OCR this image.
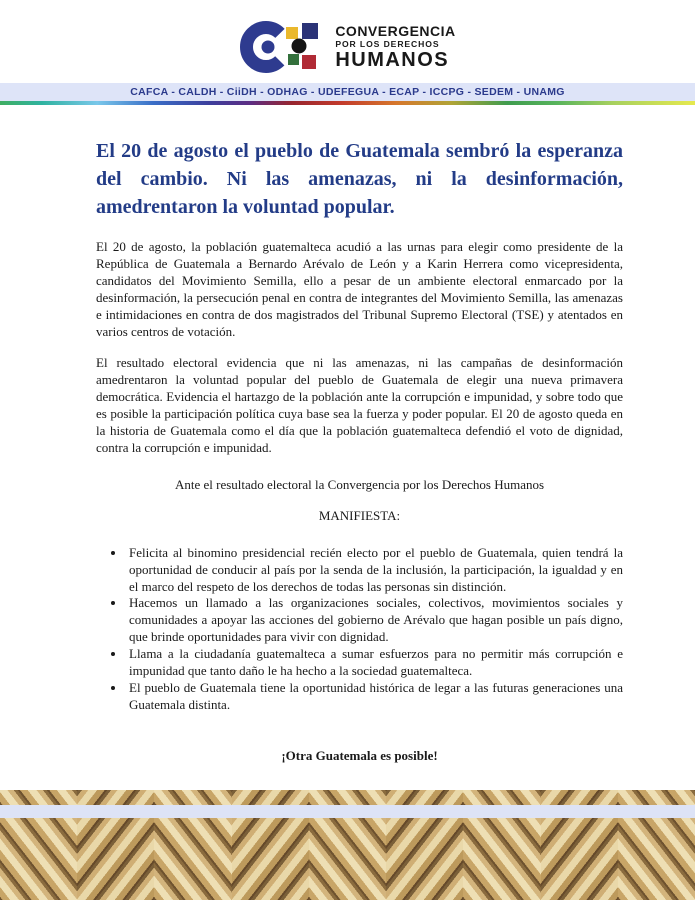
CONVERGENCIA
POR LOS DERECHOS
HUMANOS
CAFCA - CALDH - CiiDH - ODHAG - UDEFEGUA - ECAP - ICCPG - SEDEM - UNAMG
El 20 de agosto el pueblo de Guatemala sembró la esperanza del cambio. Ni las amenazas, ni la desinformación, amedrentaron la voluntad popular.

El 20 de agosto, la población guatemalteca acudió a las urnas para elegir como presidente de la República de Guatemala a Bernardo Arévalo de León y a Karin Herrera como vicepresidenta, candidatos del Movimiento Semilla, ello a pesar de un ambiente electoral enmarcado por la desinformación, la persecución penal en contra de integrantes del Movimiento Semilla, las amenazas e intimidaciones en contra de dos magistrados del Tribunal Supremo Electoral (TSE) y atentados en varios centros de votación.

El resultado electoral evidencia que ni las amenazas, ni las campañas de desinformación amedrentaron la voluntad popular del pueblo de Guatemala de elegir una nueva primavera democrática. Evidencia el hartazgo de la población ante la corrupción e impunidad, y sobre todo que es posible la participación política cuya base sea la fuerza y poder popular. El 20 de agosto queda en la historia de Guatemala como el día que la población guatemalteca defendió el voto de dignidad, contra la corrupción e impunidad.

Ante el resultado electoral la Convergencia por los Derechos Humanos

MANIFIESTA:

• Felicita al binomino presidencial recién electo por el pueblo de Guatemala, quien tendrá la oportunidad de conducir al país por la senda de la inclusión, la participación, la igualdad y en el marco del respeto de los derechos de todas las personas sin distinción.
• Hacemos un llamado a las organizaciones sociales, colectivos, movimientos sociales y comunidades a apoyar las acciones del gobierno de Arévalo que hagan posible un país digno, que brinde oportunidades para vivir con dignidad.
• Llama a la ciudadanía guatemalteca a sumar esfuerzos para no permitir más corrupción e impunidad que tanto daño le ha hecho a la sociedad guatemalteca.
• El pueblo de Guatemala tiene la oportunidad histórica de legar a las futuras generaciones una Guatemala distinta.

¡Otra Guatemala es posible!
